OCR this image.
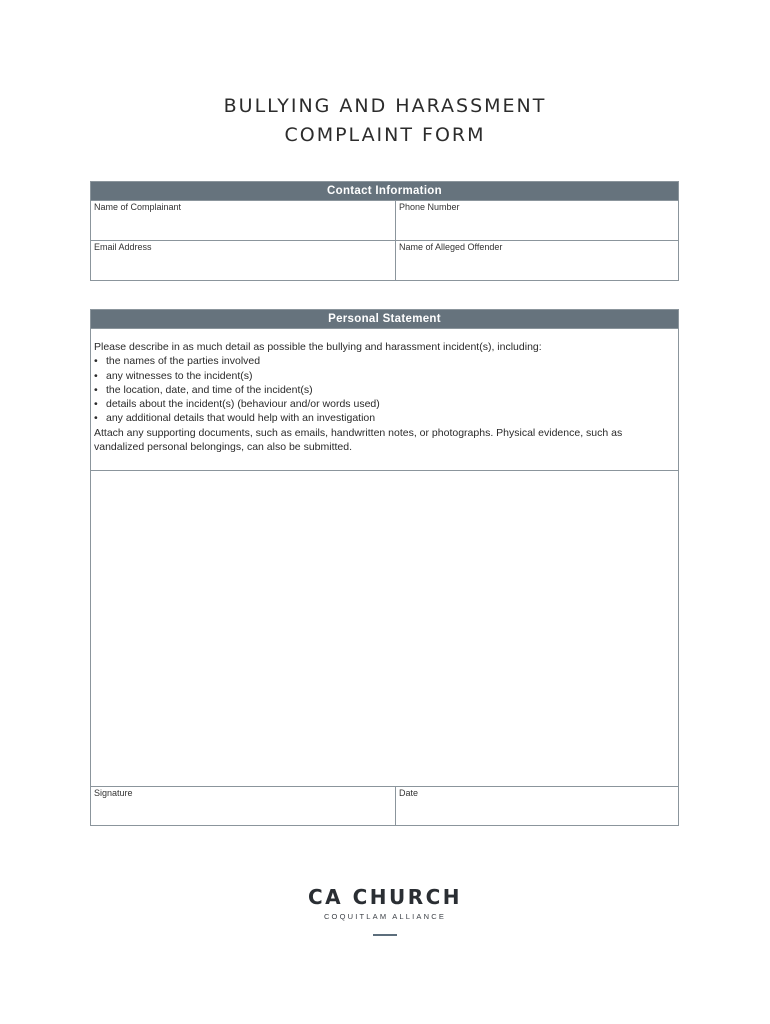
BULLYING AND HARASSMENT
COMPLAINT FORM
Contact Information
Name of Complainant	Phone Number
Email Address	Name of Alleged Offender
Personal Statement
Please describe in as much detail as possible the bullying and harassment incident(s), including:
• the names of the parties involved
• any witnesses to the incident(s)
• the location, date, and time of the incident(s)
• details about the incident(s) (behaviour and/or words used)
• any additional details that would help with an investigation
Attach any supporting documents, such as emails, handwritten notes, or photographs. Physical evidence, such as vandalized personal belongings, can also be submitted.
Signature	Date
CA CHURCH
COQUITLAM ALLIANCE
